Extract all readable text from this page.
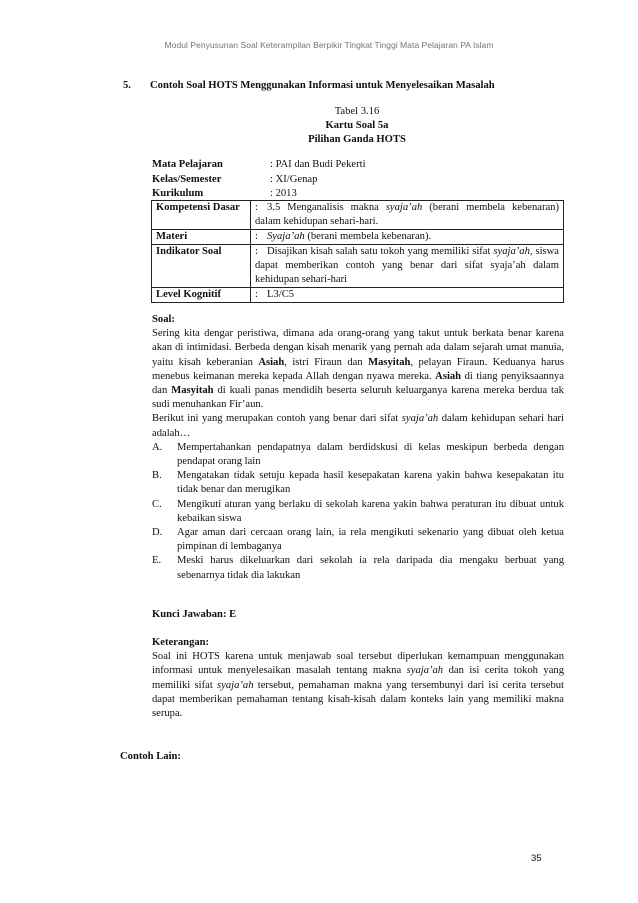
Modul Penyusunan Soal Keterampilan Berpikir Tingkat Tinggi Mata Pelajaran PA Islam
5. Contoh Soal HOTS Menggunakan Informasi untuk Menyelesaikan Masalah
Tabel 3.16
Kartu Soal 5a
Pilihan Ganda HOTS
Mata Pelajaran	: PAI dan Budi Pekerti
Kelas/Semester	: XI/Genap
Kurikulum	: 2013
Kompetensi Dasar	: 3.5 Menganalisis makna syaja’ah (berani membela kebenaran) dalam kehidupan sehari-hari.
Materi	: Syaja’ah (berani membela kebenaran).
Indikator Soal	: Disajikan kisah salah satu tokoh yang memiliki sifat syaja’ah, siswa dapat memberikan contoh yang benar dari sifat syaja’ah dalam kehidupan sehari-hari
Level Kognitif	: L3/C5

Soal:

Sering kita dengar peristiwa, dimana ada orang-orang yang takut untuk berkata benar karena akan di intimidasi. Berbeda dengan kisah menarik yang pernah ada dalam sejarah umat manuia, yaitu kisah keberanian Asiah, istri Firaun dan Masyitah, pelayan Firaun. Keduanya harus menebus keimanan mereka kepada Allah dengan nyawa mereka. Asiah di tiang penyiksaannya dan Masyitah di kuali panas mendidih beserta seluruh keluarganya karena mereka berdua tak sudi menuhankan Fir’aun.

Berikut ini yang merupakan contoh yang benar dari sifat syaja’ah dalam kehidupan sehari hari adalah…

A.	Mempertahankan pendapatnya dalam berdidskusi di kelas meskipun berbeda dengan pendapat orang lain
B.	Mengatakan tidak setuju kepada hasil kesepakatan karena yakin bahwa kesepakatan itu tidak benar dan merugikan
C.	Mengikuti aturan yang berlaku di sekolah karena yakin bahwa peraturan itu dibuat untuk kebaikan siswa
D.	Agar aman dari cercaan orang lain, ia rela mengikuti sekenario yang dibuat oleh ketua pimpinan di lembaganya
E.	Meski harus dikeluarkan dari sekolah ia rela daripada dia mengaku berbuat yang sebenarnya tidak dia lakukan
Kunci Jawaban: E

Keterangan:

Soal ini HOTS karena untuk menjawab soal tersebut diperlukan kemampuan menggunakan informasi untuk menyelesaikan masalah tentang makna syaja’ah dan isi cerita tokoh yang memiliki sifat syaja’ah tersebut, pemahaman makna yang tersembunyi dari isi cerita tersebut dapat memberikan pemahaman tentang kisah-kisah dalam konteks lain yang memiliki makna serupa.

Contoh Lain:
35
